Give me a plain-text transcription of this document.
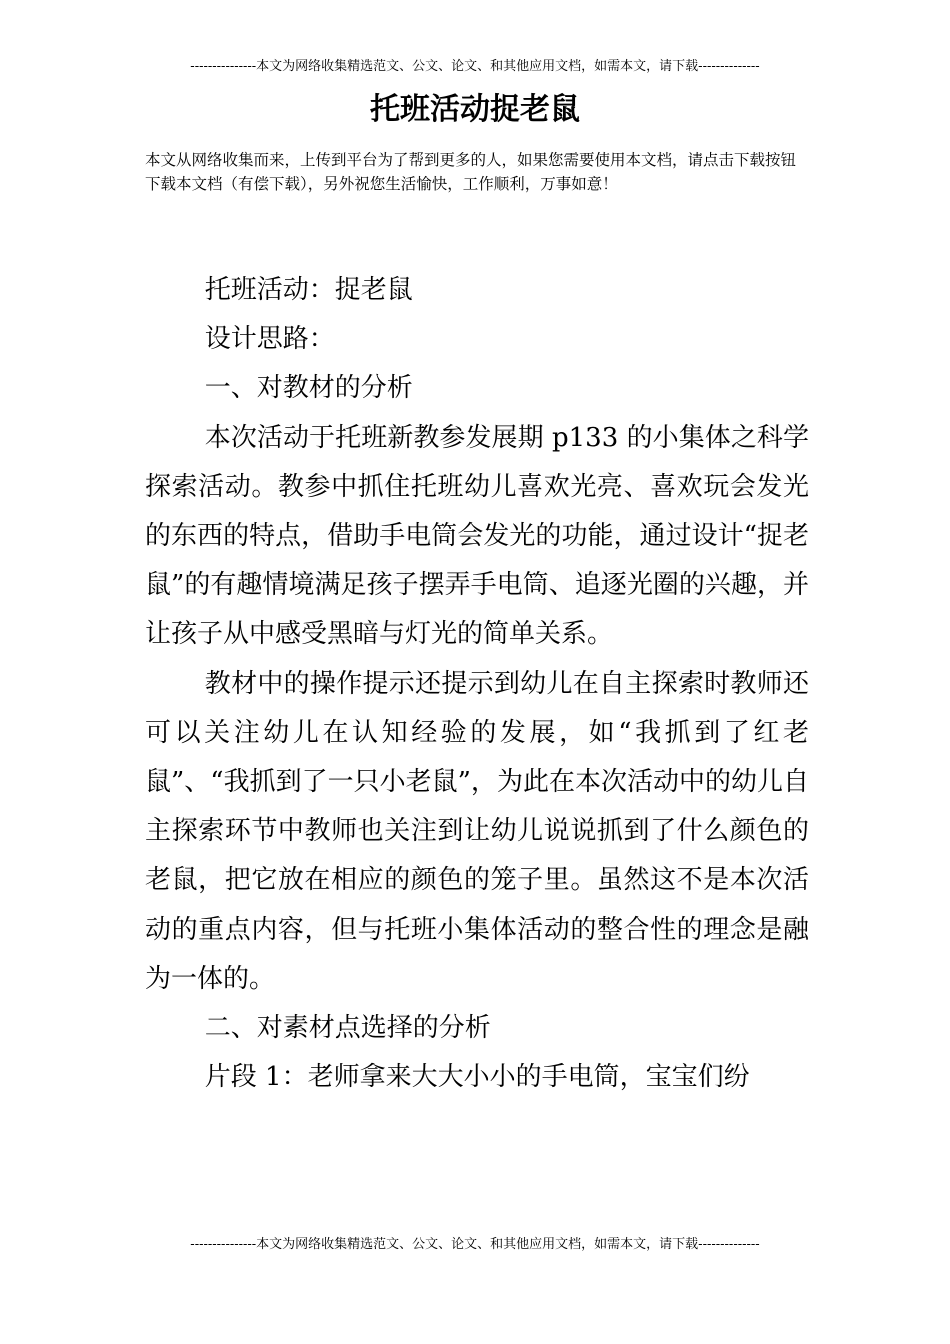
---------------本文为网络收集精选范文、公文、论文、和其他应用文档，如需本文，请下载--------------
托班活动捉老鼠
本文从网络收集而来，上传到平台为了帮到更多的人，如果您需要使用本文档，请点击下载按钮下载本文档（有偿下载），另外祝您生活愉快，工作顺利，万事如意！

托班活动：捉老鼠

设计思路：

一、对教材的分析

本次活动于托班新教参发展期 p133 的小集体之科学探索活动。教参中抓住托班幼儿喜欢光亮、喜欢玩会发光的东西的特点，借助手电筒会发光的功能，通过设计“捉老鼠”的有趣情境满足孩子摆弄手电筒、追逐光圈的兴趣，并让孩子从中感受黑暗与灯光的简单关系。

教材中的操作提示还提示到幼儿在自主探索时教师还可以关注幼儿在认知经验的发展，如“我抓到了红老鼠”、“我抓到了一只小老鼠”，为此在本次活动中的幼儿自主探索环节中教师也关注到让幼儿说说抓到了什么颜色的老鼠，把它放在相应的颜色的笼子里。虽然这不是本次活动的重点内容，但与托班小集体活动的整合性的理念是融为一体的。

二、对素材点选择的分析

片段 1：老师拿来大大小小的手电筒，宝宝们纷

---------------本文为网络收集精选范文、公文、论文、和其他应用文档，如需本文，请下载--------------
